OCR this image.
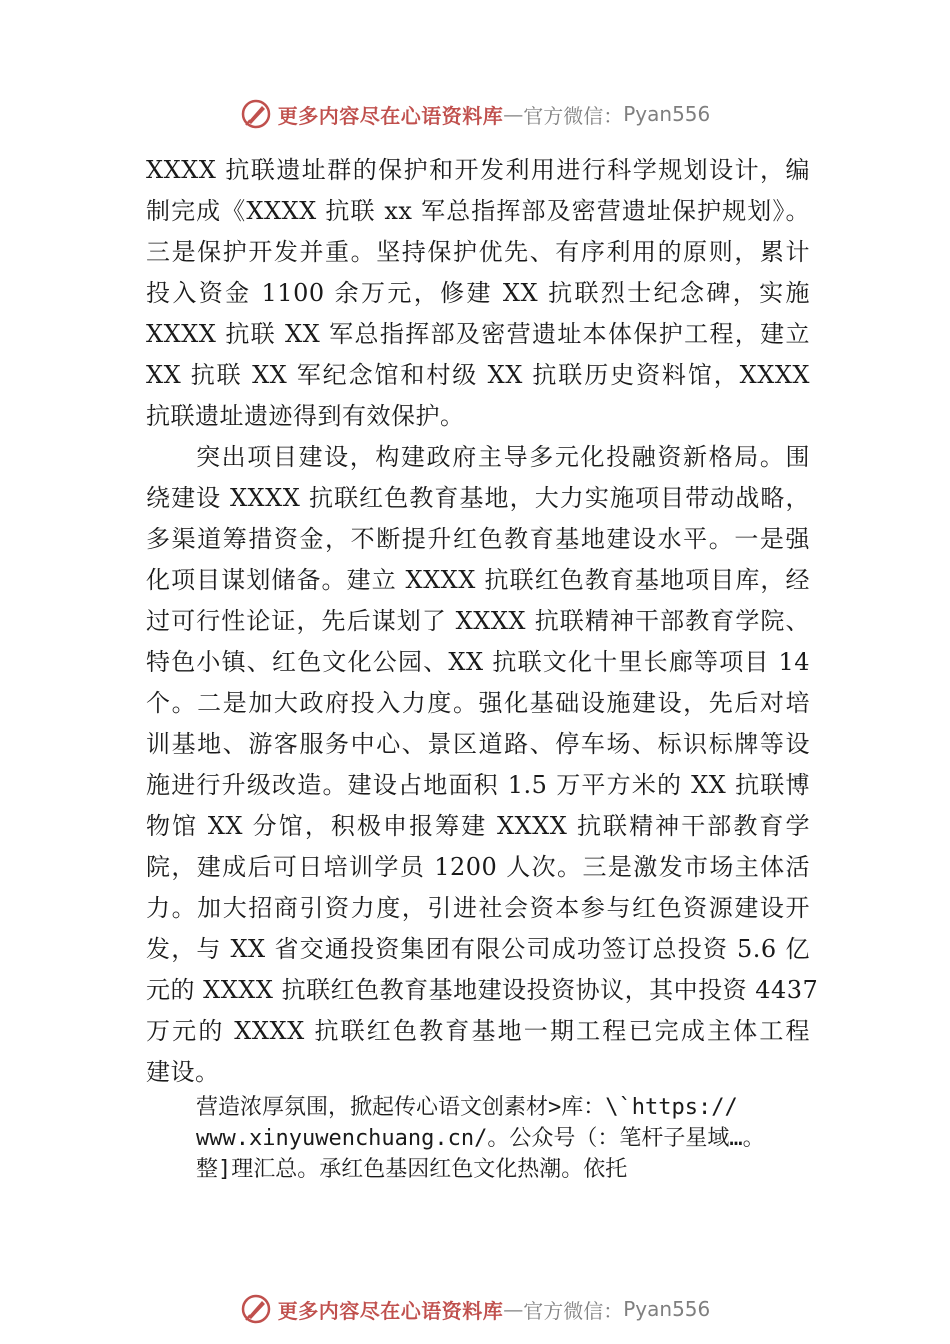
更多内容尽在心语资料库 — 官方微信： Pyan556
XXXX 抗联遗址群的保护和开发利用进行科学规划设计，编
制完成《XXXX 抗联 xx 军总指挥部及密营遗址保护规划》。
三是保护开发并重。坚持保护优先、有序利用的原则，累计
投入资金 1100 余万元，修建 XX 抗联烈士纪念碑，实施
XXXX 抗联 XX 军总指挥部及密营遗址本体保护工程，建立
XX 抗联 XX 军纪念馆和村级 XX 抗联历史资料馆，XXXX
抗联遗址遗迹得到有效保护。
突出项目建设，构建政府主导多元化投融资新格局。围
绕建设 XXXX 抗联红色教育基地，大力实施项目带动战略，
多渠道筹措资金，不断提升红色教育基地建设水平。一是强
化项目谋划储备。建立 XXXX 抗联红色教育基地项目库，经
过可行性论证，先后谋划了 XXXX 抗联精神干部教育学院、
特色小镇、红色文化公园、XX 抗联文化十里长廊等项目 14
个。二是加大政府投入力度。强化基础设施建设，先后对培
训基地、游客服务中心、景区道路、停车场、标识标牌等设
施进行升级改造。建设占地面积 1.5 万平方米的 XX 抗联博
物馆 XX 分馆，积极申报筹建 XXXX 抗联精神干部教育学
院，建成后可日培训学员 1200 人次。三是激发市场主体活
力。加大招商引资力度，引进社会资本参与红色资源建设开
发，与 XX 省交通投资集团有限公司成功签订总投资 5.6 亿
元的 XXXX 抗联红色教育基地建设投资协议，其中投资 4437
万元的 XXXX 抗联红色教育基地一期工程已完成主体工程
建设。
营造浓厚氛围，掀起传心语文创素材>库：\`https://
www.xinyuwenchuang.cn/。公众号（：笔杆子星域…。
整]理汇总。承红色基因红色文化热潮。依托
更多内容尽在心语资料库 — 官方微信： Pyan556
